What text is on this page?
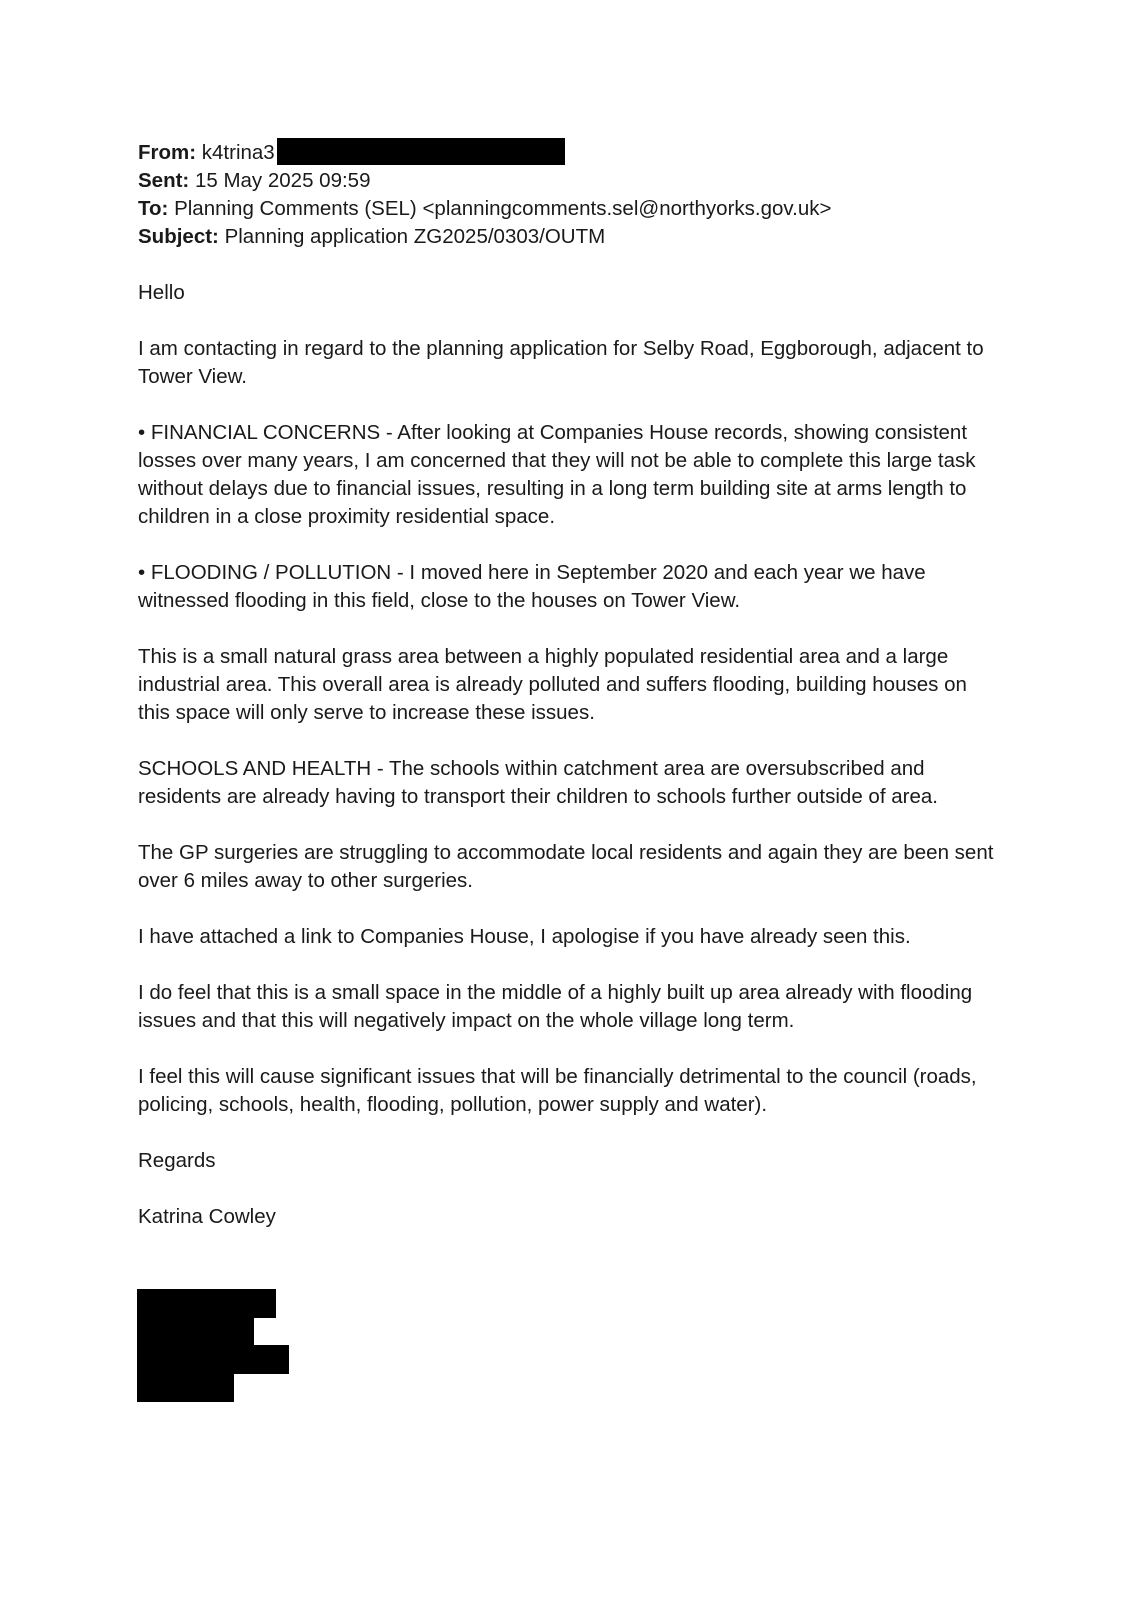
From: k4trina3

Sent: 15 May 2025 09:59

To: Planning Comments (SEL) <planningcomments.sel@northyorks.gov.uk>

Subject: Planning application ZG2025/0303/OUTM

Hello

I am contacting in regard to the planning application for Selby Road, Eggborough, adjacent to Tower View.

• FINANCIAL CONCERNS - After looking at Companies House records, showing consistent losses over many years, I am concerned that they will not be able to complete this large task without delays due to financial issues, resulting in a long term building site at arms length to children in a close proximity residential space.

• FLOODING / POLLUTION - I moved here in September 2020 and each year we have witnessed flooding in this field, close to the houses on Tower View.

This is a small natural grass area between a highly populated residential area and a large industrial area. This overall area is already polluted and suffers flooding, building houses on this space will only serve to increase these issues.

SCHOOLS AND HEALTH - The schools within catchment area are oversubscribed and residents are already having to transport their children to schools further outside of area.

The GP surgeries are struggling to accommodate local residents and again they are been sent over 6 miles away to other surgeries.

I have attached a link to Companies House, I apologise if you have already seen this.

I do feel that this is a small space in the middle of a highly built up area already with flooding issues and that this will negatively impact on the whole village long term.

I feel this will cause significant issues that will be financially detrimental to the council (roads, policing, schools, health, flooding, pollution, power supply and water).

Regards

Katrina Cowley
